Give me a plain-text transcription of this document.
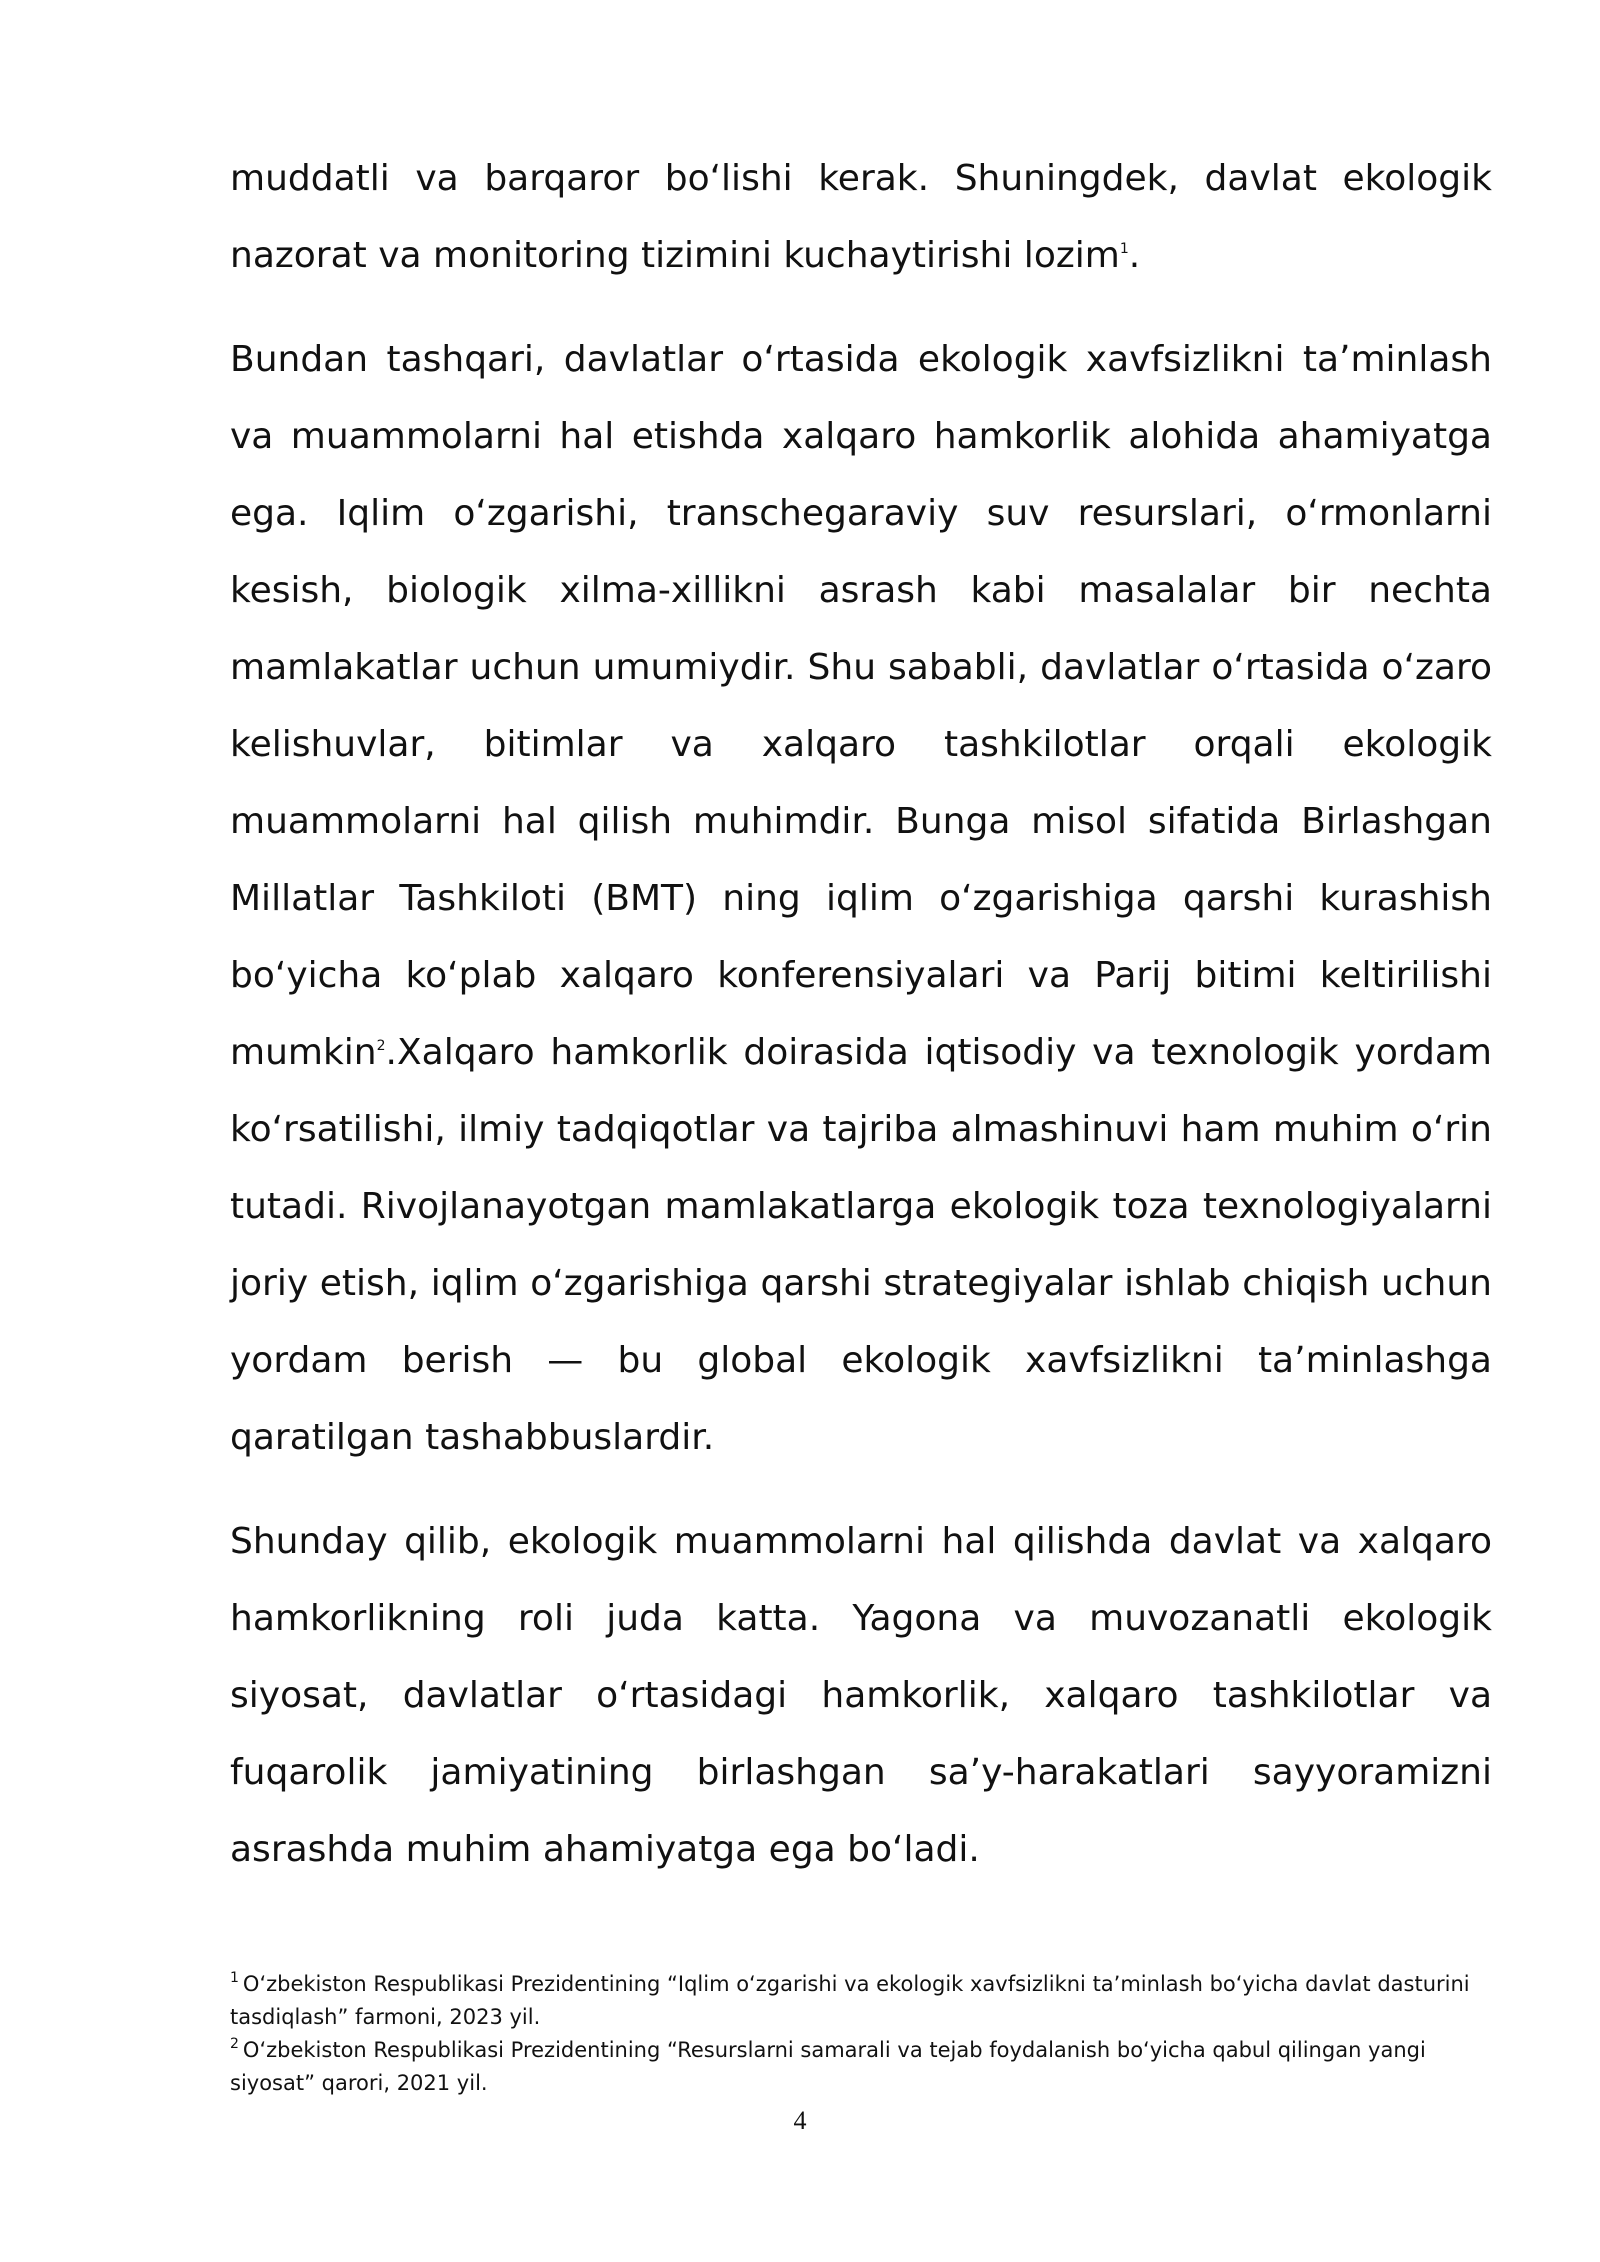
muddatli va barqaror boʻlishi kerak. Shuningdek, davlat ekologik nazorat va monitoring tizimini kuchaytirishi lozim$^1$.

Bundan tashqari, davlatlar oʻrtasida ekologik xavfsizlikni taʼminlash va muammolarni hal etishda xalqaro hamkorlik alohida ahamiyatga ega. Iqlim oʻzgarishi, transchegaraviy suv resurslari, oʻrmonlarni kesish, biologik xilma-xillikni asrash kabi masalalar bir nechta mamlakatlar uchun umumiydir. Shu sababli, davlatlar oʻrtasida oʻzaro kelishuvlar, bitimlar va xalqaro tashkilotlar orqali ekologik muammolarni hal qilish muhimdir. Bunga misol sifatida Birlashgan Millatlar Tashkiloti (BMT) ning iqlim oʻzgarishiga qarshi kurashish boʻyicha koʻplab xalqaro konferensiyalari va Parij bitimi keltirilishi mumkin$^2$.Xalqaro hamkorlik doirasida iqtisodiy va texnologik yordam koʻrsatilishi, ilmiy tadqiqotlar va tajriba almashinuvi ham muhim oʻrin tutadi. Rivojlanayotgan mamlakatlarga ekologik toza texnologiyalarni joriy etish, iqlim oʻzgarishiga qarshi strategiyalar ishlab chiqish uchun yordam berish — bu global ekologik xavfsizlikni taʼminlashga qaratilgan tashabbuslardir.

Shunday qilib, ekologik muammolarni hal qilishda davlat va xalqaro hamkorlikning roli juda katta. Yagona va muvozanatli ekologik siyosat, davlatlar oʻrtasidagi hamkorlik, xalqaro tashkilotlar va fuqarolik jamiyatining birlashgan saʼy-harakatlari sayyoramizni asrashda muhim ahamiyatga ega boʻladi.

$^1$ Oʻzbekiston Respublikasi Prezidentining “Iqlim oʻzgarishi va ekologik xavfsizlikni taʼminlash boʻyicha davlat dasturini tasdiqlash” farmoni, 2023 yil.

$^2$ Oʻzbekiston Respublikasi Prezidentining “Resurslarni samarali va tejab foydalanish boʻyicha qabul qilingan yangi siyosat” qarori, 2021 yil.

4
